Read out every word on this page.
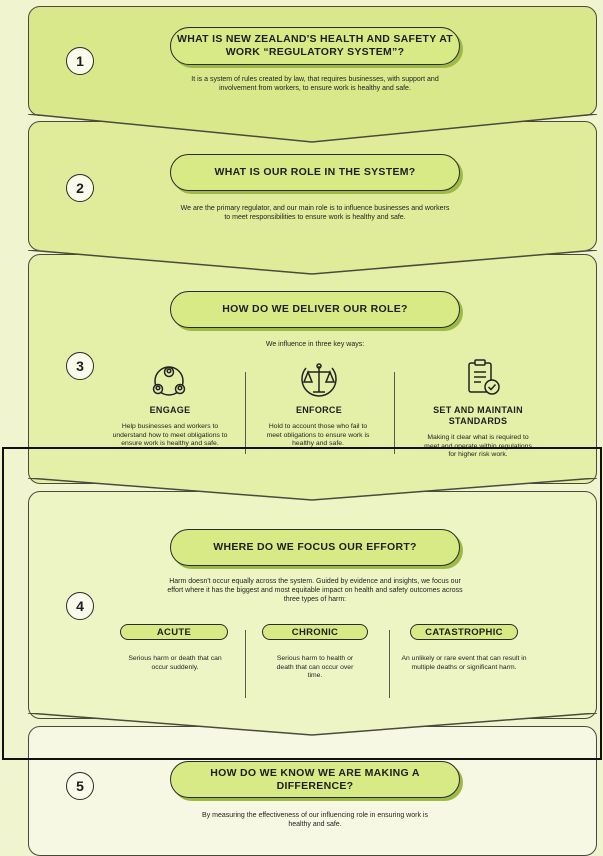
1
WHAT IS NEW ZEALAND'S HEALTH AND SAFETY AT WORK “REGULATORY SYSTEM”?
It is a system of rules created by law, that requires businesses, with support and involvement from workers, to ensure work is healthy and safe.
2
WHAT IS OUR ROLE IN THE SYSTEM?
We are the primary regulator, and our main role is to influence businesses and workers to meet responsibilities to ensure work is healthy and safe.
3
HOW DO WE DELIVER OUR ROLE?
We influence in three key ways:
ENGAGE
Help businesses and workers to understand how to meet obligations to ensure work is healthy and safe.
ENFORCE
Hold to account those who fail to meet obligations to ensure work is healthy and safe.
SET AND MAINTAIN STANDARDS
Making it clear what is required to meet and operate within regulations for higher risk work.
4
WHERE DO WE FOCUS OUR EFFORT?
Harm doesn't occur equally across the system. Guided by evidence and insights, we focus our effort where it has the biggest and most equitable impact on health and safety outcomes across three types of harm:
ACUTE	CHRONIC	CATASTROPHIC
Serious harm or death that can occur suddenly.
Serious harm to health or death that can occur over time.
An unlikely or rare event that can result in multiple deaths or significant harm.
5
HOW DO WE KNOW WE ARE MAKING A DIFFERENCE?
By measuring the effectiveness of our influencing role in ensuring work is healthy and safe.
